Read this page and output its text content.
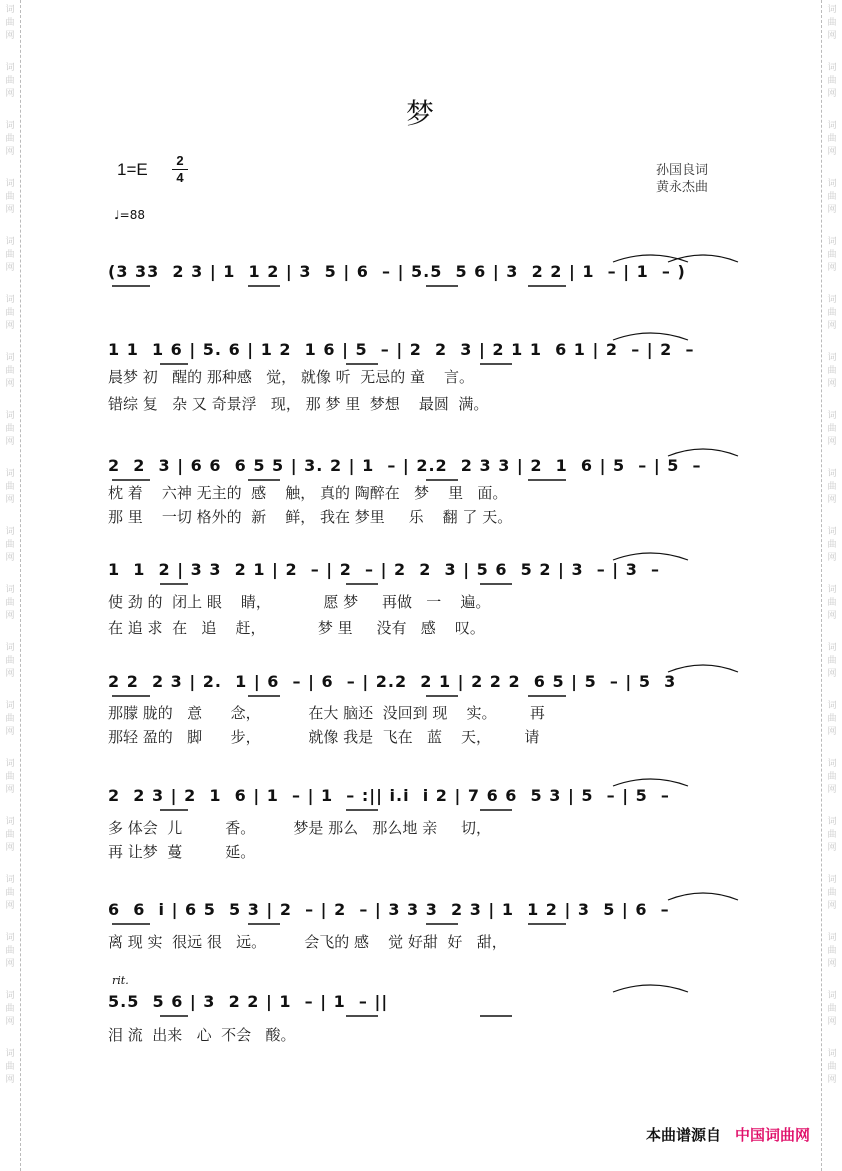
词
曲
网
词
曲
网
词
曲
网
词
曲
网
词
曲
网
词
曲
网
词
曲
网
词
曲
网
词
曲
网
词
曲
网
词
曲
网
词
曲
网
词
曲
网
词
曲
网
词
曲
网
词
曲
网
词
曲
网
词
曲
网
词
曲
网
词
曲
网
词
曲
网
词
曲
网
词
曲
网
词
曲
网
词
曲
网
词
曲
网
词
曲
网
词
曲
网
词
曲
网
词
曲
网
词
曲
网
词
曲
网
词
曲
网
词
曲
网
词
曲
网
词
曲
网
词
曲
网
词
曲
网
梦
1=E	2
4	孙国良词
黄永杰曲
♩=88
(3 33  2 3 | 1  1 2 | 3  5 | 6  – | 5.5  5 6 | 3  2 2 | 1  – | 1  – )
1 1  1 6 | 5. 6 | 1 2  1 6 | 5  – | 2  2  3 | 2 1 1  6 1 | 2  – | 2  –
晨梦 初   醒的 那种感   觉， 就像 听  无忌的 童    言。
错综 复   杂 又 奇景浮   现， 那 梦 里  梦想    最圆  满。
2  2  3 | 6 6  6 5 5 | 3. 2 | 1  – | 2.2  2 3 3 | 2  1  6 | 5  – | 5  –
枕 着    六神 无主的  感    触， 真的 陶醉在   梦    里   面。
那 里    一切 格外的  新    鲜， 我在 梦里     乐    翻 了 天。
1  1  2 | 3 3  2 1 | 2  – | 2  – | 2  2  3 | 5 6  5 2 | 3  – | 3  –
使 劲 的  闭上 眼    睛，           愿 梦     再做   一    遍。
在 追 求  在   追    赶，           梦 里     没有   感    叹。
2 2  2 3 | 2.  1 | 6  – | 6  – | 2.2  2 1 | 2 2 2  6 5 | 5  – | 5  3
那朦 胧的   意      念，          在大 脑还  没回到 现    实。       再
那轻 盈的   脚      步，          就像 我是  飞在   蓝    天，       请
2  2 3 | 2  1  6 | 1  – | 1  – :|| i.i  i 2 | 7 6 6  5 3 | 5  – | 5  –
多 体会  儿         香。        梦是 那么   那么地 亲     切，
再 让梦  蔓         延。
6  6  i | 6 5  5 3 | 2  – | 2  – | 3 3 3  2 3 | 1  1 2 | 3  5 | 6  –
离 现 实  很远 很   远。        会飞的 感    觉 好甜  好   甜，
rit.
5.5  5 6 | 3  2 2 | 1  – | 1  – ||
泪 流  出来   心  不会   酸。
本曲谱源自 中国词曲网
